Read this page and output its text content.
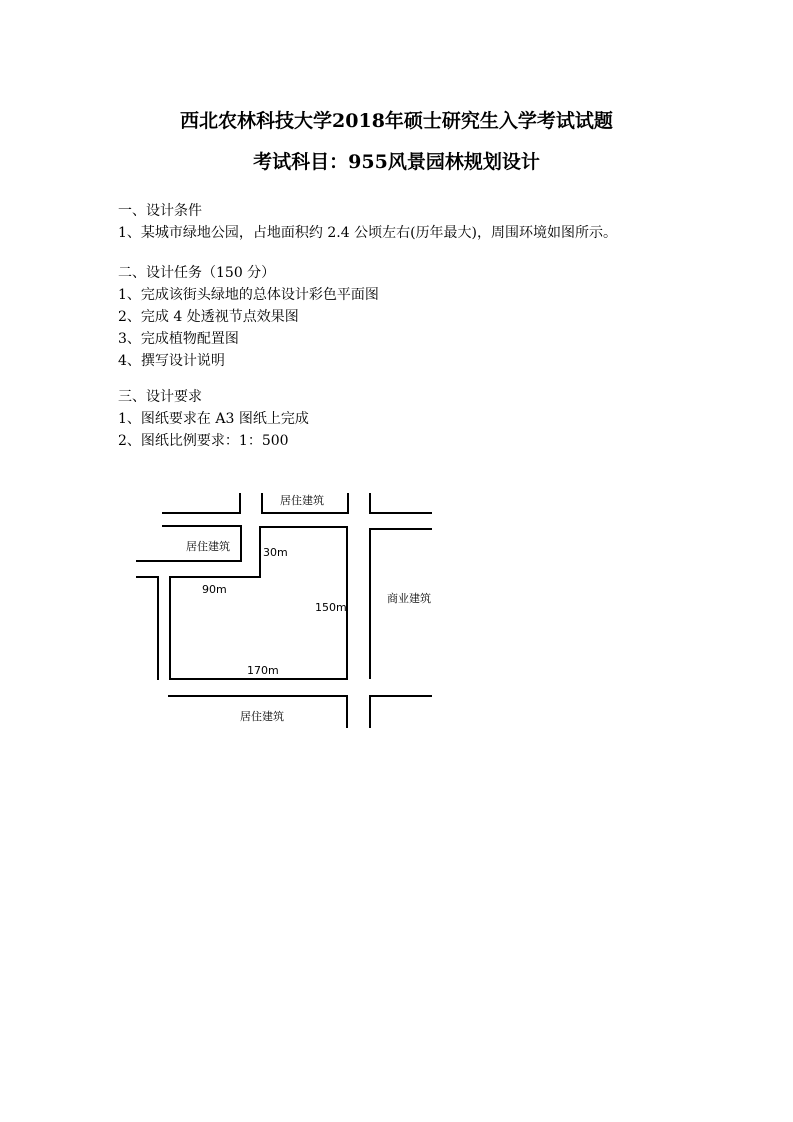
西北农林科技大学2018年硕士研究生入学考试试题
考试科目：955风景园林规划设计
一、设计条件
1、某城市绿地公园，占地面积约 2.4 公顷左右(历年最大)，周围环境如图所示。
二、设计任务（150 分）
1、完成该街头绿地的总体设计彩色平面图
2、完成 4 处透视节点效果图
3、完成植物配置图
4、撰写设计说明
三、设计要求
1、图纸要求在 A3 图纸上完成
2、图纸比例要求：1：500
居住建筑
居住建筑
商业建筑
居住建筑
30m
90m
150m
170m
